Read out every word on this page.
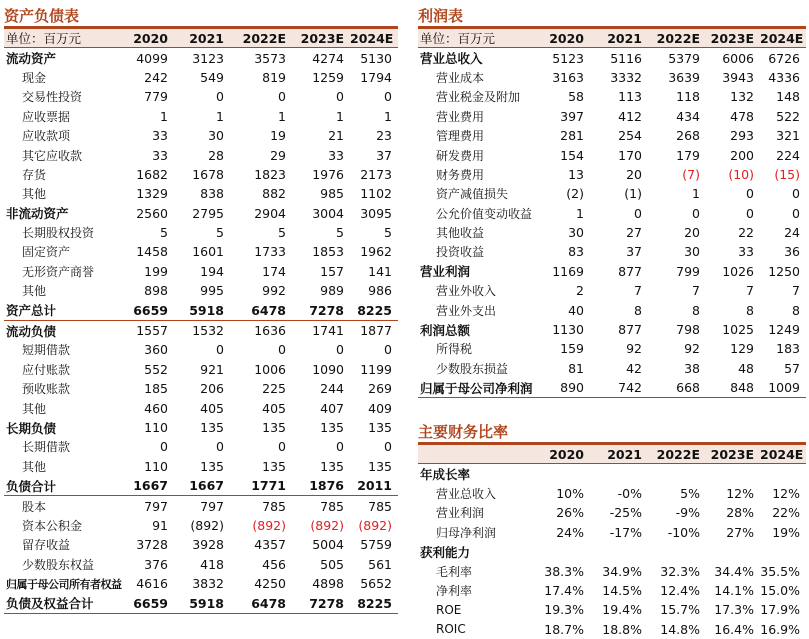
资产负债表
单位：百万元	2020	2021	2022E	2023E	2024E
流动资产	4099	3123	3573	4274	5130
现金	242	549	819	1259	1794
交易性投资	779	0	0	0	0
应收票据	1	1	1	1	1
应收款项	33	30	19	21	23
其它应收款	33	28	29	33	37
存货	1682	1678	1823	1976	2173
其他	1329	838	882	985	1102
非流动资产	2560	2795	2904	3004	3095
长期股权投资	5	5	5	5	5
固定资产	1458	1601	1733	1853	1962
无形资产商誉	199	194	174	157	141
其他	898	995	992	989	986
资产总计	6659	5918	6478	7278	8225
流动负债	1557	1532	1636	1741	1877
短期借款	360	0	0	0	0
应付账款	552	921	1006	1090	1199
预收账款	185	206	225	244	269
其他	460	405	405	407	409
长期负债	110	135	135	135	135
长期借款	0	0	0	0	0
其他	110	135	135	135	135
负债合计	1667	1667	1771	1876	2011
股本	797	797	785	785	785
资本公积金	91	(892)	(892)	(892)	(892)
留存收益	3728	3928	4357	5004	5759
少数股东权益	376	418	456	505	561
归属于母公司所有者权益	4616	3832	4250	4898	5652
负债及权益合计	6659	5918	6478	7278	8225
利润表
单位：百万元	2020	2021	2022E	2023E	2024E
营业总收入	5123	5116	5379	6006	6726
营业成本	3163	3332	3639	3943	4336
营业税金及附加	58	113	118	132	148
营业费用	397	412	434	478	522
管理费用	281	254	268	293	321
研发费用	154	170	179	200	224
财务费用	13	20	(7)	(10)	(15)
资产减值损失	(2)	(1)	1	0	0
公允价值变动收益	1	0	0	0	0
其他收益	30	27	20	22	24
投资收益	83	37	30	33	36
营业利润	1169	877	799	1026	1250
营业外收入	2	7	7	7	7
营业外支出	40	8	8	8	8
利润总额	1130	877	798	1025	1249
所得税	159	92	92	129	183
少数股东损益	81	42	38	48	57
归属于母公司净利润	890	742	668	848	1009
主要财务比率
	2020	2021	2022E	2023E	2024E
年成长率					
营业总收入	10%	-0%	5%	12%	12%
营业利润	26%	-25%	-9%	28%	22%
归母净利润	24%	-17%	-10%	27%	19%
获利能力					
毛利率	38.3%	34.9%	32.3%	34.4%	35.5%
净利率	17.4%	14.5%	12.4%	14.1%	15.0%
ROE	19.3%	19.4%	15.7%	17.3%	17.9%
ROIC	18.7%	18.8%	14.8%	16.4%	16.9%
